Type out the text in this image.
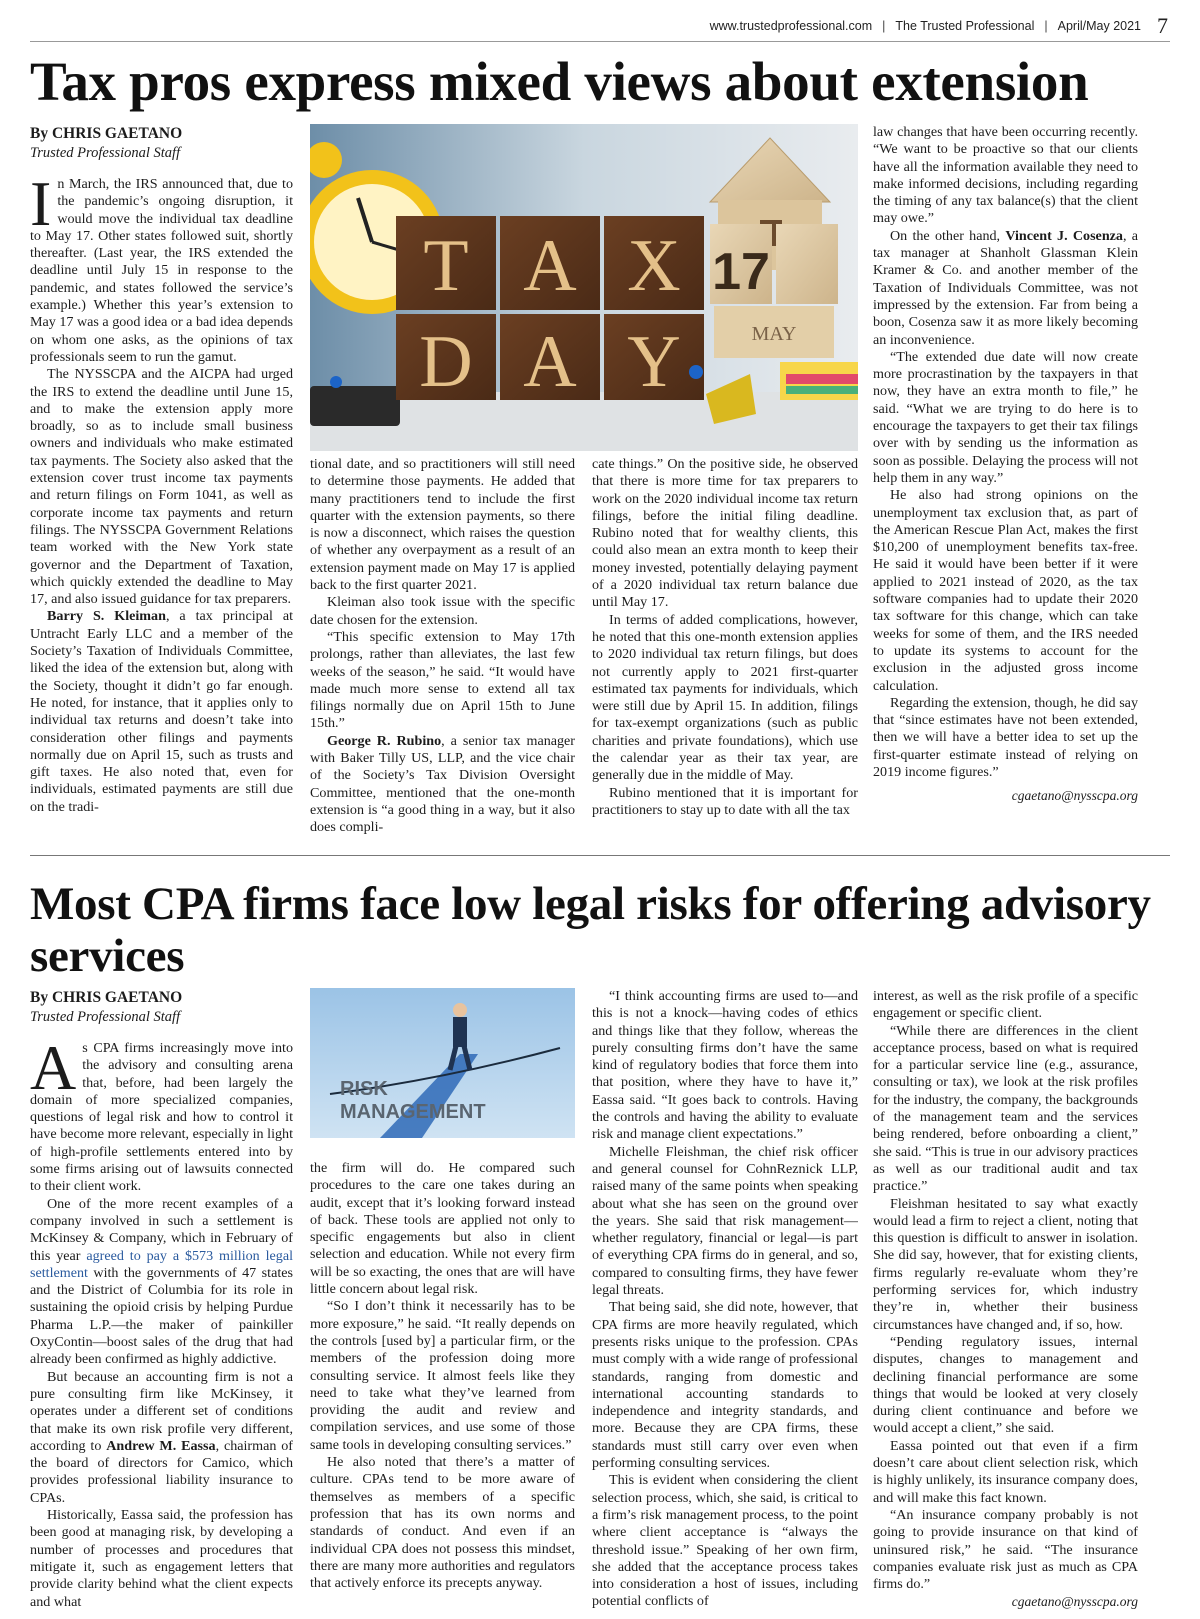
www.trustedprofessional.com | The Trusted Professional | April/May 2021 7
Tax pros express mixed views about extension
By CHRIS GAETANO
Trusted Professional Staff

In March, the IRS announced that, due to the pandemic’s ongoing disruption, it would move the individual tax deadline to May 17. Other states followed suit, shortly thereafter. (Last year, the IRS extended the deadline until July 15 in response to the pandemic, and states followed the service’s example.) Whether this year’s extension to May 17 was a good idea or a bad idea depends on whom one asks, as the opinions of tax professionals seem to run the gamut.

The NYSSCPA and the AICPA had urged the IRS to extend the deadline until June 15, and to make the extension apply more broadly, so as to include small business owners and individuals who make estimated tax payments. The Society also asked that the extension cover trust income tax payments and return filings on Form 1041, as well as corporate income tax payments and return filings. The NYSSCPA Government Relations team worked with the New York state governor and the Department of Taxation, which quickly extended the deadline to May 17, and also issued guidance for tax preparers.

Barry S. Kleiman, a tax principal at Untracht Early LLC and a member of the Society’s Taxation of Individuals Committee, liked the idea of the extension but, along with the Society, thought it didn’t go far enough. He noted, for instance, that it applies only to individual tax returns and doesn’t take into consideration other filings and payments normally due on April 15, such as trusts and gift taxes. He also noted that, even for individuals, estimated payments are still due on the tradi-

T A X
D A Y
17
MAY

tional date, and so practitioners will still need to determine those payments. He added that many practitioners tend to include the first quarter with the extension payments, so there is now a disconnect, which raises the question of whether any overpayment as a result of an extension payment made on May 17 is applied back to the first quarter 2021.

Kleiman also took issue with the specific date chosen for the extension.

“This specific extension to May 17th prolongs, rather than alleviates, the last few weeks of the season,” he said. “It would have made much more sense to extend all tax filings normally due on April 15th to June 15th.”

George R. Rubino, a senior tax manager with Baker Tilly US, LLP, and the vice chair of the Society’s Tax Division Oversight Committee, mentioned that the one-month extension is “a good thing in a way, but it also does compli-

cate things.” On the positive side, he observed that there is more time for tax preparers to work on the 2020 individual income tax return filings, before the initial filing deadline. Rubino noted that for wealthy clients, this could also mean an extra month to keep their money invested, potentially delaying payment of a 2020 individual tax return balance due until May 17.

In terms of added complications, however, he noted that this one-month extension applies to 2020 individual tax return filings, but does not currently apply to 2021 first-quarter estimated tax payments for individuals, which were still due by April 15. In addition, filings for tax-exempt organizations (such as public charities and private foundations), which use the calendar year as their tax year, are generally due in the middle of May.

Rubino mentioned that it is important for practitioners to stay up to date with all the tax

law changes that have been occurring recently. “We want to be proactive so that our clients have all the information available they need to make informed decisions, including regarding the timing of any tax balance(s) that the client may owe.”

On the other hand, Vincent J. Cosenza, a tax manager at Shanholt Glassman Klein Kramer & Co. and another member of the Taxation of Individuals Committee, was not impressed by the extension. Far from being a boon, Cosenza saw it as more likely becoming an inconvenience.

“The extended due date will now create more procrastination by the taxpayers in that now, they have an extra month to file,” he said. “What we are trying to do here is to encourage the taxpayers to get their tax filings over with by sending us the information as soon as possible. Delaying the process will not help them in any way.”

He also had strong opinions on the unemployment tax exclusion that, as part of the American Rescue Plan Act, makes the first $10,200 of unemployment benefits tax-free. He said it would have been better if it were applied to 2021 instead of 2020, as the tax software companies had to update their 2020 tax software for this change, which can take weeks for some of them, and the IRS needed to update its systems to account for the exclusion in the adjusted gross income calculation.

Regarding the extension, though, he did say that “since estimates have not been extended, then we will have a better idea to set up the first-quarter estimate instead of relying on 2019 income figures.”

cgaetano@nysscpa.org
Most CPA firms face low legal risks for offering advisory services
By CHRIS GAETANO
Trusted Professional Staff

As CPA firms increasingly move into the advisory and consulting arena that, before, had been largely the domain of more specialized companies, questions of legal risk and how to control it have become more relevant, especially in light of high-profile settlements entered into by some firms arising out of lawsuits connected to their client work.

One of the more recent examples of a company involved in such a settlement is McKinsey & Company, which in February of this year agreed to pay a $573 million legal settlement with the governments of 47 states and the District of Columbia for its role in sustaining the opioid crisis by helping Purdue Pharma L.P.—the maker of painkiller OxyContin—boost sales of the drug that had already been confirmed as highly addictive.

But because an accounting firm is not a pure consulting firm like McKinsey, it operates under a different set of conditions that make its own risk profile very different, according to Andrew M. Eassa, chairman of the board of directors for Camico, which provides professional liability insurance to CPAs.

Historically, Eassa said, the profession has been good at managing risk, by developing a number of processes and procedures that mitigate it, such as engagement letters that provide clarity behind what the client expects and what

RISK
MANAGEMENT

the firm will do. He compared such procedures to the care one takes during an audit, except that it’s looking forward instead of back. These tools are applied not only to specific engagements but also in client selection and education. While not every firm will be so exacting, the ones that are will have little concern about legal risk.

“So I don’t think it necessarily has to be more exposure,” he said. “It really depends on the controls [used by] a particular firm, or the members of the profession doing more consulting service. It almost feels like they need to take what they’ve learned from providing the audit and review and compilation services, and use some of those same tools in developing consulting services.”

He also noted that there’s a matter of culture. CPAs tend to be more aware of themselves as members of a specific profession that has its own norms and standards of conduct. And even if an individual CPA does not possess this mindset, there are many more authorities and regulators that actively enforce its precepts anyway.

“I think accounting firms are used to—and this is not a knock—having codes of ethics and things like that they follow, whereas the purely consulting firms don’t have the same kind of regulatory bodies that force them into that position, where they have to have it,” Eassa said. “It goes back to controls. Having the controls and having the ability to evaluate risk and manage client expectations.”

Michelle Fleishman, the chief risk officer and general counsel for CohnReznick LLP, raised many of the same points when speaking about what she has seen on the ground over the years. She said that risk management—whether regulatory, financial or legal—is part of everything CPA firms do in general, and so, compared to consulting firms, they have fewer legal threats.

That being said, she did note, however, that CPA firms are more heavily regulated, which presents risks unique to the profession. CPAs must comply with a wide range of professional standards, ranging from domestic and international accounting standards to independence and integrity standards, and more. Because they are CPA firms, these standards must still carry over even when performing consulting services.

This is evident when considering the client selection process, which, she said, is critical to a firm’s risk management process, to the point where client acceptance is “always the threshold issue.” Speaking of her own firm, she added that the acceptance process takes into consideration a host of issues, including potential conflicts of

interest, as well as the risk profile of a specific engagement or specific client.

“While there are differences in the client acceptance process, based on what is required for a particular service line (e.g., assurance, consulting or tax), we look at the risk profiles for the industry, the company, the backgrounds of the management team and the services being rendered, before onboarding a client,” she said. “This is true in our advisory practices as well as our traditional audit and tax practice.”

Fleishman hesitated to say what exactly would lead a firm to reject a client, noting that this question is difficult to answer in isolation. She did say, however, that for existing clients, firms regularly re-evaluate whom they’re performing services for, which industry they’re in, whether their business circumstances have changed and, if so, how.

“Pending regulatory issues, internal disputes, changes to management and declining financial performance are some things that would be looked at very closely during client continuance and before we would accept a client,” she said.

Eassa pointed out that even if a firm doesn’t care about client selection risk, which is highly unlikely, its insurance company does, and will make this fact known.

“An insurance company probably is not going to provide insurance on that kind of uninsured risk,” he said. “The insurance companies evaluate risk just as much as CPA firms do.”

cgaetano@nysscpa.org
